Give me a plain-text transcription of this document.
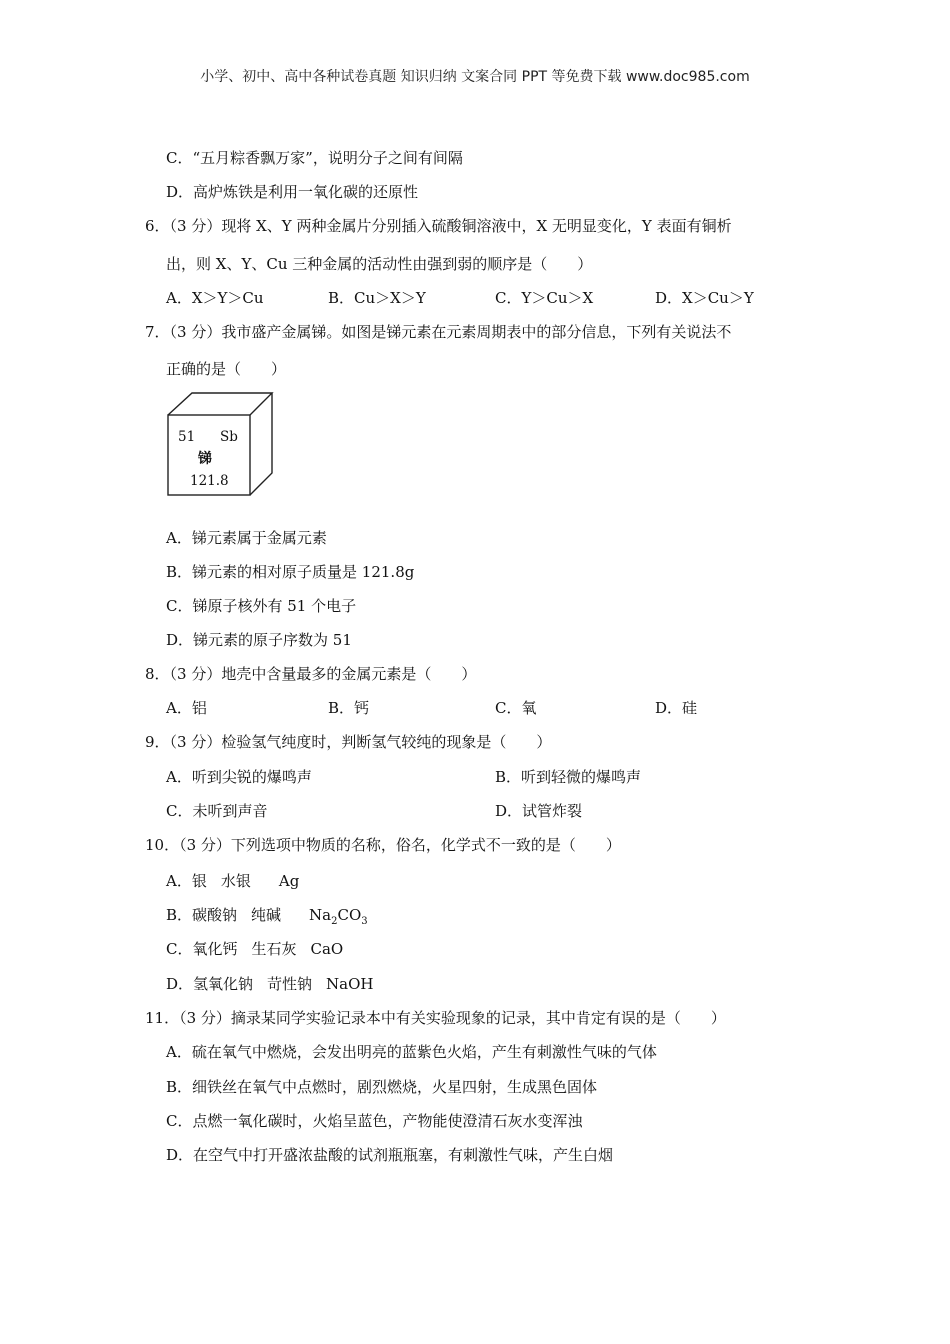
小学、初中、高中各种试卷真题 知识归纳 文案合同 PPT 等免费下载 www.doc985.com
C．“五月粽香飘万家”，说明分子之间有间隔
D．高炉炼铁是利用一氧化碳的还原性
6．（3 分）现将 X、Y 两种金属片分别插入硫酸铜溶液中，X 无明显变化，Y 表面有铜析
出，则 X、Y、Cu 三种金属的活动性由强到弱的顺序是（　　）
A．X＞Y＞Cu	B．Cu＞X＞Y	C．Y＞Cu＞X	D．X＞Cu＞Y
7．（3 分）我市盛产金属锑。如图是锑元素在元素周期表中的部分信息，下列有关说法不
正确的是（　　）
51 Sb
锑
121.8
A．锑元素属于金属元素
B．锑元素的相对原子质量是 121.8g
C．锑原子核外有 51 个电子
D．锑元素的原子序数为 51
8．（3 分）地壳中含量最多的金属元素是（　　）
A．铝	B．钙	C．氧	D．硅
9．（3 分）检验氢气纯度时，判断氢气较纯的现象是（　　）
A．听到尖锐的爆鸣声	B．听到轻微的爆鸣声
C．未听到声音	D．试管炸裂
10．（3 分）下列选项中物质的名称，俗名，化学式不一致的是（　　）
A．银 水银 Ag
B．碳酸钠 纯碱 $Na_2CO_3$
C．氧化钙 生石灰 CaO
D．氢氧化钠 苛性钠 NaOH
11．（3 分）摘录某同学实验记录本中有关实验现象的记录，其中肯定有误的是（　　）
A．硫在氧气中燃烧，会发出明亮的蓝紫色火焰，产生有刺激性气味的气体
B．细铁丝在氧气中点燃时，剧烈燃烧，火星四射，生成黑色固体
C．点燃一氧化碳时，火焰呈蓝色，产物能使澄清石灰水变浑浊
D．在空气中打开盛浓盐酸的试剂瓶瓶塞，有刺激性气味，产生白烟
